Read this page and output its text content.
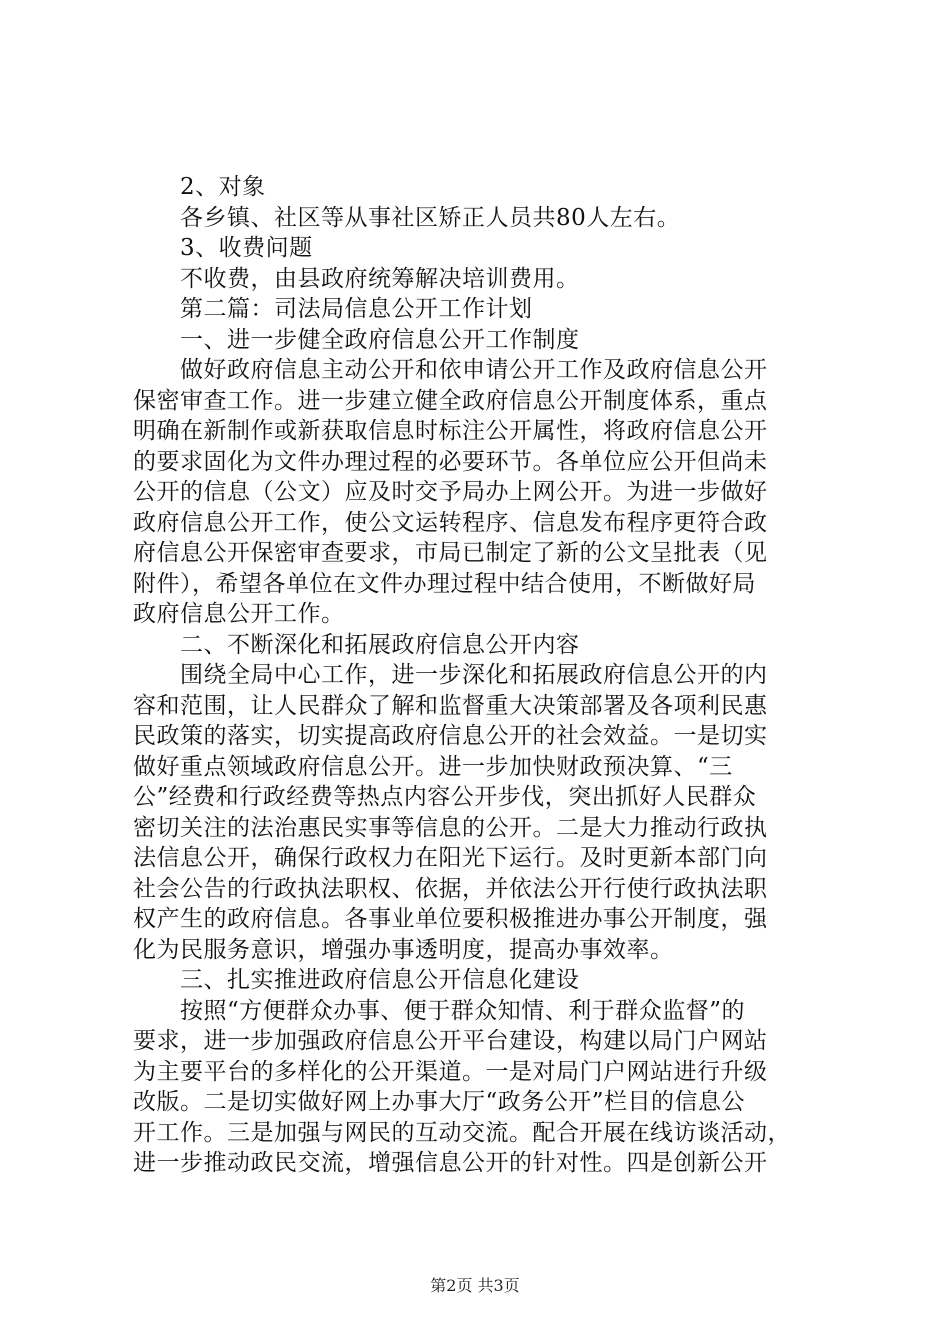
2、对象
各乡镇、社区等从事社区矫正人员共80人左右。
3、收费问题
不收费，由县政府统筹解决培训费用。
第二篇：司法局信息公开工作计划
一、进一步健全政府信息公开工作制度
做好政府信息主动公开和依申请公开工作及政府信息公开
保密审查工作。进一步建立健全政府信息公开制度体系，重点
明确在新制作或新获取信息时标注公开属性，将政府信息公开
的要求固化为文件办理过程的必要环节。各单位应公开但尚未
公开的信息（公文）应及时交予局办上网公开。为进一步做好
政府信息公开工作，使公文运转程序、信息发布程序更符合政
府信息公开保密审查要求，市局已制定了新的公文呈批表（见
附件），希望各单位在文件办理过程中结合使用，不断做好局
政府信息公开工作。
二、不断深化和拓展政府信息公开内容
围绕全局中心工作，进一步深化和拓展政府信息公开的内
容和范围，让人民群众了解和监督重大决策部署及各项利民惠
民政策的落实，切实提高政府信息公开的社会效益。一是切实
做好重点领域政府信息公开。进一步加快财政预决算、“三
公”经费和行政经费等热点内容公开步伐，突出抓好人民群众
密切关注的法治惠民实事等信息的公开。二是大力推动行政执
法信息公开，确保行政权力在阳光下运行。及时更新本部门向
社会公告的行政执法职权、依据，并依法公开行使行政执法职
权产生的政府信息。各事业单位要积极推进办事公开制度，强
化为民服务意识，增强办事透明度，提高办事效率。
三、扎实推进政府信息公开信息化建设
按照“方便群众办事、便于群众知情、利于群众监督”的
要求，进一步加强政府信息公开平台建设，构建以局门户网站
为主要平台的多样化的公开渠道。一是对局门户网站进行升级
改版。二是切实做好网上办事大厅“政务公开”栏目的信息公
开工作。三是加强与网民的互动交流。配合开展在线访谈活动，
进一步推动政民交流，增强信息公开的针对性。四是创新公开
第2页 共3页
